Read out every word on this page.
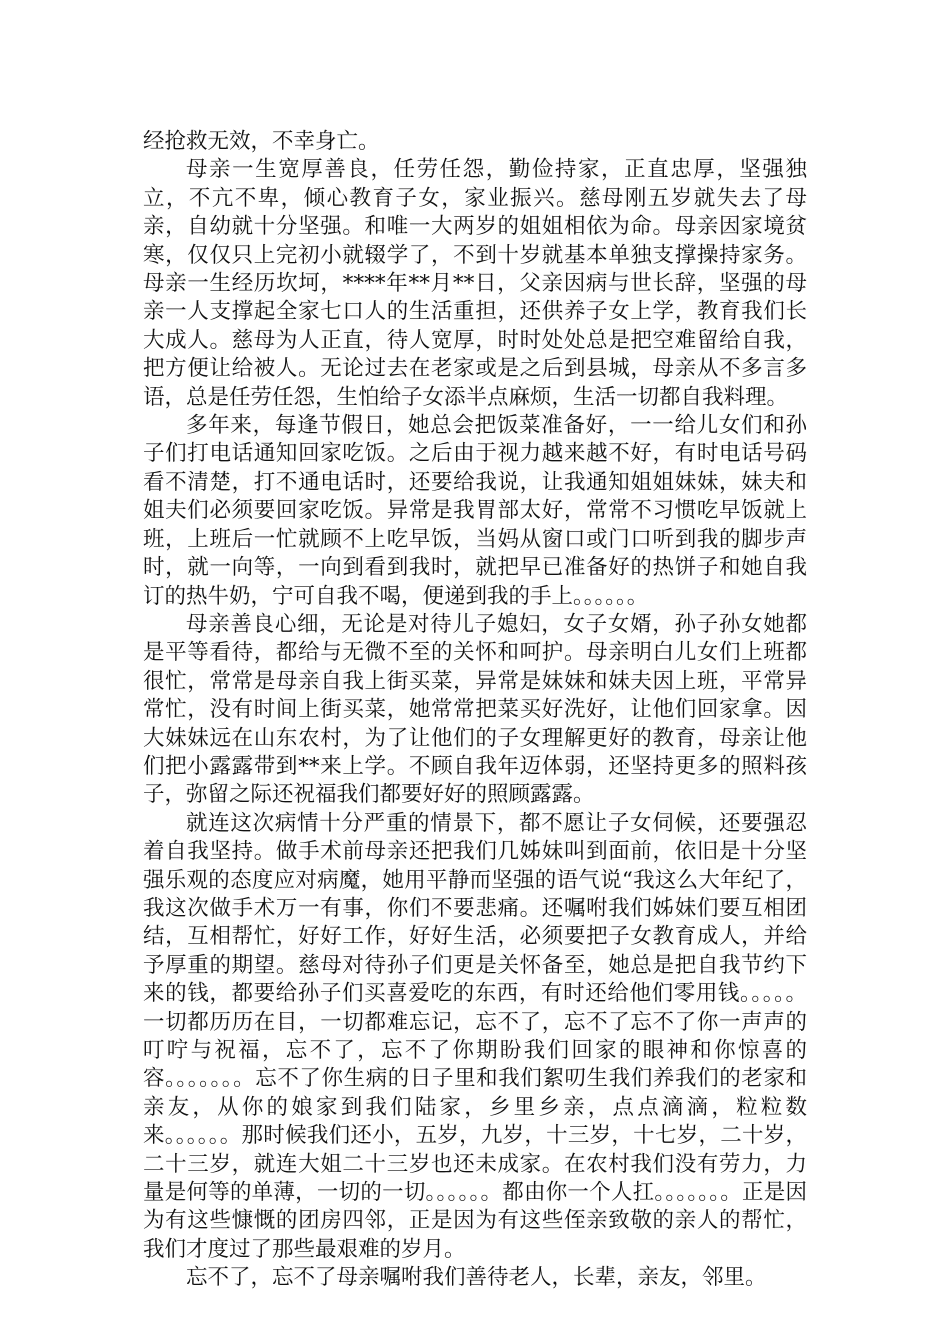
经抢救无效，不幸身亡。

母亲一生宽厚善良，任劳任怨，勤俭持家，正直忠厚，坚强独立，不亢不卑，倾心教育子女，家业振兴。慈母刚五岁就失去了母亲，自幼就十分坚强。和唯一大两岁的姐姐相依为命。母亲因家境贫寒，仅仅只上完初小就辍学了，不到十岁就基本单独支撑操持家务。母亲一生经历坎坷，****年**月**日，父亲因病与世长辞，坚强的母亲一人支撑起全家七口人的生活重担，还供养子女上学，教育我们长大成人。慈母为人正直，待人宽厚，时时处处总是把空难留给自我，把方便让给被人。无论过去在老家或是之后到县城，母亲从不多言多语，总是任劳任怨，生怕给子女添半点麻烦，生活一切都自我料理。

多年来，每逢节假日，她总会把饭菜准备好，一一给儿女们和孙子们打电话通知回家吃饭。之后由于视力越来越不好，有时电话号码看不清楚，打不通电话时，还要给我说，让我通知姐姐妹妹，妹夫和姐夫们必须要回家吃饭。异常是我胃部太好，常常不习惯吃早饭就上班，上班后一忙就顾不上吃早饭，当妈从窗口或门口听到我的脚步声时，就一向等，一向到看到我时，就把早已准备好的热饼子和她自我订的热牛奶，宁可自我不喝，便递到我的手上。。。。。。

母亲善良心细，无论是对待儿子媳妇，女子女婿，孙子孙女她都是平等看待，都给与无微不至的关怀和呵护。母亲明白儿女们上班都很忙，常常是母亲自我上街买菜，异常是妹妹和妹夫因上班，平常异常忙，没有时间上街买菜，她常常把菜买好洗好，让他们回家拿。因大妹妹远在山东农村，为了让他们的子女理解更好的教育，母亲让他们把小露露带到**来上学。不顾自我年迈体弱，还坚持更多的照料孩子，弥留之际还祝福我们都要好好的照顾露露。

就连这次病情十分严重的情景下，都不愿让子女伺候，还要强忍着自我坚持。做手术前母亲还把我们几姊妹叫到面前，依旧是十分坚强乐观的态度应对病魔，她用平静而坚强的语气说“我这么大年纪了，我这次做手术万一有事，你们不要悲痛。还嘱咐我们姊妹们要互相团结，互相帮忙，好好工作，好好生活，必须要把子女教育成人，并给予厚重的期望。慈母对待孙子们更是关怀备至，她总是把自我节约下来的钱，都要给孙子们买喜爱吃的东西，有时还给他们零用钱。。。。。一切都历历在目，一切都难忘记，忘不了，忘不了忘不了你一声声的叮咛与祝福，忘不了，忘不了你期盼我们回家的眼神和你惊喜的容。。。。。。。忘不了你生病的日子里和我们絮叨生我们养我们的老家和亲友，从你的娘家到我们陆家，乡里乡亲，点点滴滴，粒粒数来。。。。。。那时候我们还小，五岁，九岁，十三岁，十七岁，二十岁，二十三岁，就连大姐二十三岁也还未成家。在农村我们没有劳力，力量是何等的单薄，一切的一切。。。。。。都由你一个人扛。。。。。。。正是因为有这些慷慨的团房四邻，正是因为有这些侄亲致敬的亲人的帮忙，我们才度过了那些最艰难的岁月。

忘不了，忘不了母亲嘱咐我们善待老人，长辈，亲友，邻里。
